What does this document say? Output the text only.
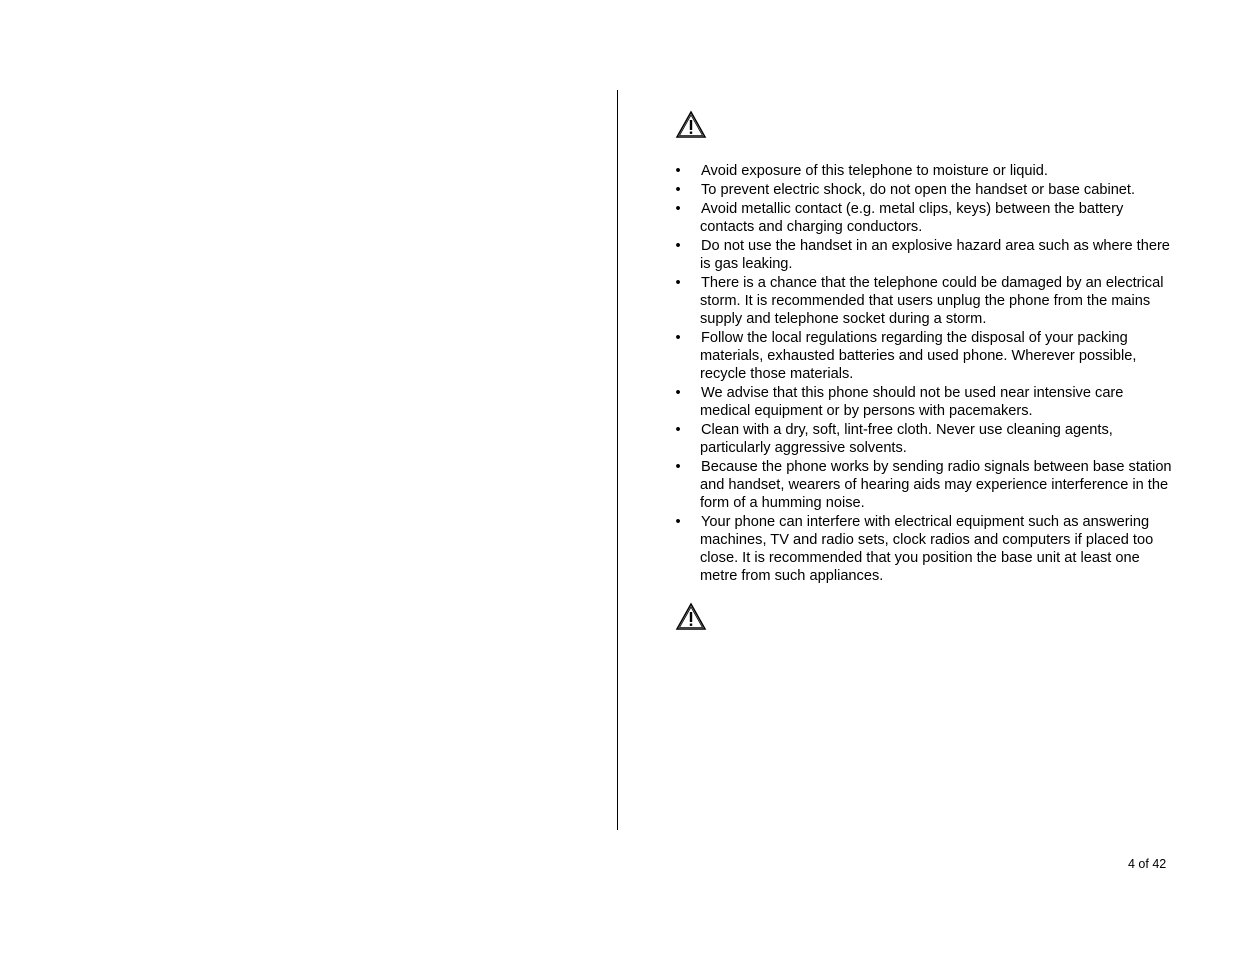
• Avoid exposure of this telephone to moisture or liquid.
• To prevent electric shock, do not open the handset or base cabinet.
• Avoid metallic contact (e.g. metal clips, keys) between the battery contacts and charging conductors.
• Do not use the handset in an explosive hazard area such as where there is gas leaking.
• There is a chance that the telephone could be damaged by an electrical storm. It is recommended that users unplug the phone from the mains supply and telephone socket during a storm.
• Follow the local regulations regarding the disposal of your packing materials, exhausted batteries and used phone. Wherever possible, recycle those materials.
• We advise that this phone should not be used near intensive care medical equipment or by persons with pacemakers.
• Clean with a dry, soft, lint-free cloth. Never use cleaning agents, particularly aggressive solvents.
• Because the phone works by sending radio signals between base station and handset, wearers of hearing aids may experience interference in the form of a humming noise.
• Your phone can interfere with electrical equipment such as answering machines, TV and radio sets, clock radios and computers if placed too close. It is recommended that you position the base unit at least one metre from such appliances.
4 of 42
